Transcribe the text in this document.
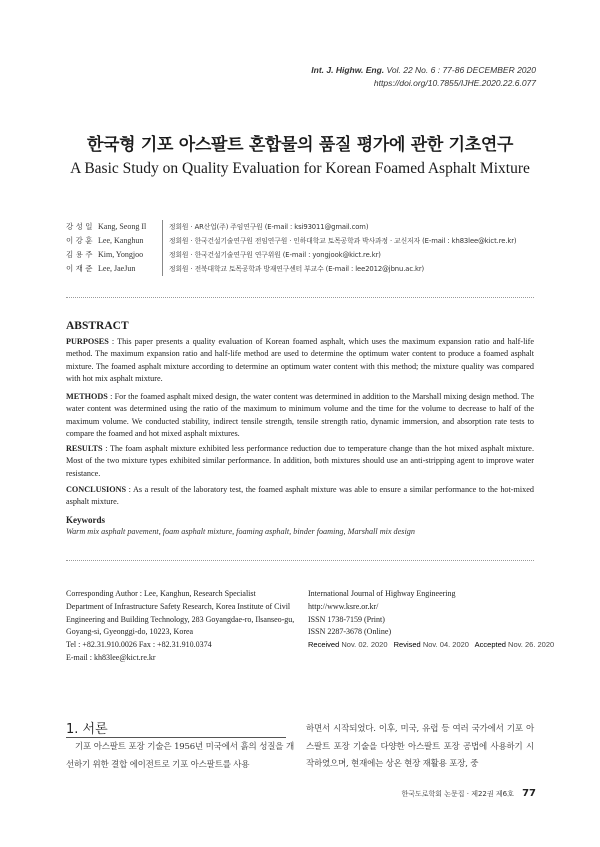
Int. J. Highw. Eng. Vol. 22 No. 6 : 77-86 DECEMBER 2020
https://doi.org/10.7855/IJHE.2020.22.6.077
한국형 기포 아스팔트 혼합물의 품질 평가에 관한 기초연구
A Basic Study on Quality Evaluation for Korean Foamed Asphalt Mixture
강 성 일 Kang, Seong Il	정회원 · AR산업(주) 주임연구원 (E-mail : ksi93011@gmail.com)
이 강 훈 Lee, Kanghun	정회원 · 한국건설기술연구원 전임연구원 · 인하대학교 토목공학과 박사과정 · 교신저자 (E-mail : kh83lee@kict.re.kr)
김 용 주 Kim, Yongjoo	정회원 · 한국건설기술연구원 연구위원 (E-mail : yongjook@kict.re.kr)
이 재 준 Lee, JaeJun	정회원 · 전북대학교 토목공학과 방재연구센터 부교수 (E-mail : lee2012@jbnu.ac.kr)
ABSTRACT
PURPOSES : This paper presents a quality evaluation of Korean foamed asphalt, which uses the maximum expansion ratio and half-life method. The maximum expansion ratio and half-life method are used to determine the optimum water content to produce a foamed asphalt mixture. The foamed asphalt mixture according to determine an optimum water content with this method; the mixture quality was compared with hot mix asphalt mixture.
METHODS : For the foamed asphalt mixed design, the water content was determined in addition to the Marshall mixing design method. The water content was determined using the ratio of the maximum to minimum volume and the time for the volume to decrease to half of the maximum volume. We conducted stability, indirect tensile strength, tensile strength ratio, dynamic immersion, and absorption rate tests to compare the foamed and hot mixed asphalt mixtures.
RESULTS : The foam asphalt mixture exhibited less performance reduction due to temperature change than the hot mixed asphalt mixture. Most of the two mixture types exhibited similar performance. In addition, both mixtures should use an anti-stripping agent to improve water resistance.
CONCLUSIONS : As a result of the laboratory test, the foamed asphalt mixture was able to ensure a similar performance to the hot-mixed asphalt mixture.
Keywords
Warm mix asphalt pavement, foam asphalt mixture, foaming asphalt, binder foaming, Marshall mix design
Corresponding Author : Lee, Kanghun, Research Specialist
Department of Infrastructure Safety Research, Korea Institute of Civil
Engineering and Building Technology, 283 Goyangdae-ro, Ilsanseo-gu,
Goyang-si, Gyeonggi-do, 10223, Korea
Tel : +82.31.910.0026 Fax : +82.31.910.0374
E-mail : kh83lee@kict.re.kr
International Journal of Highway Engineering
http://www.ksre.or.kr/
ISSN 1738-7159 (Print)
ISSN 2287-3678 (Online)
Received Nov. 02. 2020 Revised Nov. 04. 2020 Accepted Nov. 26. 2020
1. 서론
기포 아스팔트 포장 기술은 1956년 미국에서 흙의 성질을 개선하기 위한 결합 에이전트로 기포 아스팔트를 사용
하면서 시작되었다. 이후, 미국, 유럽 등 여러 국가에서 기포 아스팔트 포장 기술을 다양한 아스팔트 포장 공법에 사용하기 시작하였으며, 현재에는 상온 현장 재활용 포장, 중
한국도로학회 논문집 · 제22권 제6호 77
